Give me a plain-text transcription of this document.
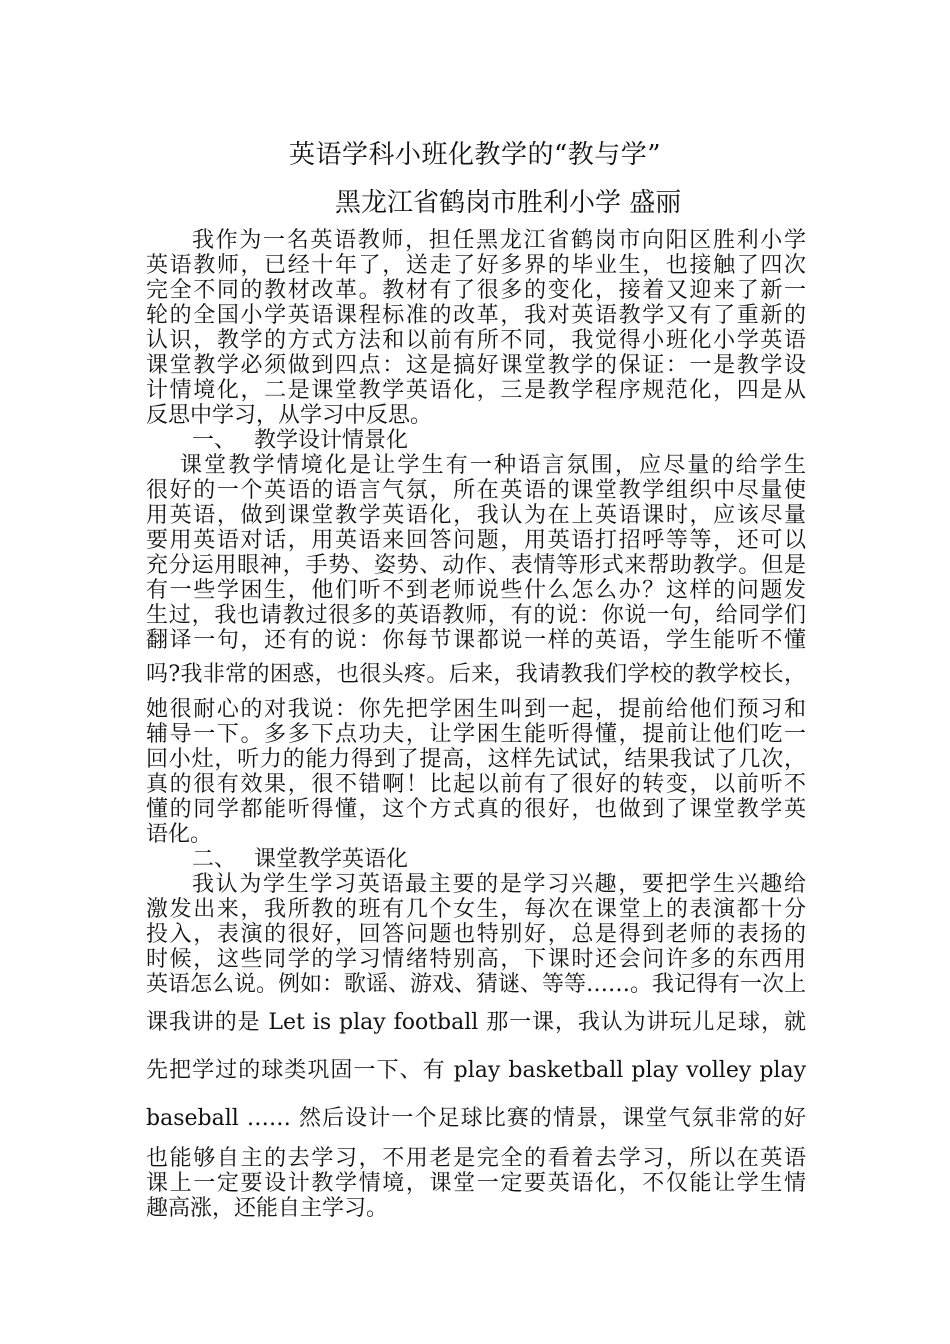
英语学科小班化教学的“教与学”
黑龙江省鹤岗市胜利小学 盛丽
我作为一名英语教师，担任黑龙江省鹤岗市向阳区胜利小学
英语教师，已经十年了，送走了好多界的毕业生，也接触了四次
完全不同的教材改革。教材有了很多的变化，接着又迎来了新一
轮的全国小学英语课程标准的改革，我对英语教学又有了重新的
认识，教学的方式方法和以前有所不同，我觉得小班化小学英语
课堂教学必须做到四点：这是搞好课堂教学的保证：一是教学设
计情境化，二是课堂教学英语化，三是教学程序规范化，四是从
反思中学习，从学习中反思。
一、 教学设计情景化
课堂教学情境化是让学生有一种语言氛围，应尽量的给学生
很好的一个英语的语言气氛，所在英语的课堂教学组织中尽量使
用英语，做到课堂教学英语化，我认为在上英语课时，应该尽量
要用英语对话，用英语来回答问题，用英语打招呼等等，还可以
充分运用眼神，手势、姿势、动作、表情等形式来帮助教学。但是
有一些学困生，他们听不到老师说些什么怎么办？这样的问题发
生过，我也请教过很多的英语教师，有的说：你说一句，给同学们
翻译一句，还有的说：你每节课都说一样的英语，学生能听不懂
吗?我非常的困惑，也很头疼。后来，我请教我们学校的教学校长，
她很耐心的对我说：你先把学困生叫到一起，提前给他们预习和
辅导一下。多多下点功夫，让学困生能听得懂，提前让他们吃一
回小灶，听力的能力得到了提高，这样先试试，结果我试了几次，
真的很有效果，很不错啊！比起以前有了很好的转变，以前听不
懂的同学都能听得懂，这个方式真的很好，也做到了课堂教学英
语化。
二、 课堂教学英语化
我认为学生学习英语最主要的是学习兴趣，要把学生兴趣给
激发出来，我所教的班有几个女生，每次在课堂上的表演都十分
投入，表演的很好，回答问题也特别好，总是得到老师的表扬的
时候，这些同学的学习情绪特别高，下课时还会问许多的东西用
英语怎么说。例如：歌谣、游戏、猜谜、等等……。我记得有一次上
课我讲的是 Let is play football 那一课，我认为讲玩儿足球，就
先把学过的球类巩固一下、有 play basketball play volley play
baseball …… 然后设计一个足球比赛的情景，课堂气氛非常的好
也能够自主的去学习，不用老是完全的看着去学习，所以在英语
课上一定要设计教学情境，课堂一定要英语化，不仅能让学生情
趣高涨，还能自主学习。
